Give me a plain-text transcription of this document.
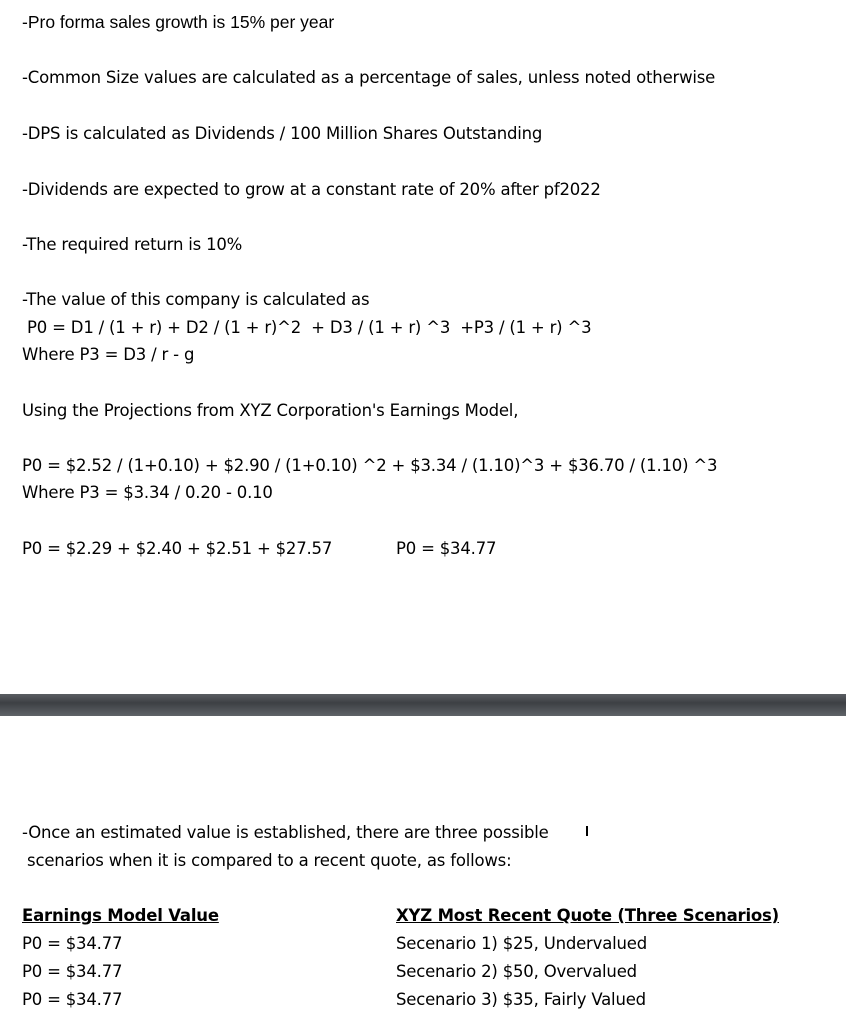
-Pro forma sales growth is 15% per year
-Common Size values are calculated as a percentage of sales, unless noted otherwise
-DPS is calculated as Dividends / 100 Million Shares Outstanding
-Dividends are expected to grow at a constant rate of 20% after pf2022
-The required return is 10%
-The value of this company is calculated as
P0 = D1 / (1 + r) + D2 / (1 + r)^2  + D3 / (1 + r) ^3  +P3 / (1 + r) ^3
Where P3 = D3 / r - g
Using the Projections from XYZ Corporation's Earnings Model,
P0 = $2.52 / (1+0.10) + $2.90 / (1+0.10) ^2 + $3.34 / (1.10)^3 + $36.70 / (1.10) ^3
Where P3 = $3.34 / 0.20 - 0.10
P0 = $2.29 + $2.40 + $2.51 + $27.57	P0 = $34.77
-Once an estimated value is established, there are three possible
scenarios when it is compared to a recent quote, as follows:
Earnings Model Value	XYZ Most Recent Quote (Three Scenarios)
P0 = $34.77	Secenario 1) $25, Undervalued
P0 = $34.77	Secenario 2) $50, Overvalued
P0 = $34.77	Secenario 3) $35, Fairly Valued
